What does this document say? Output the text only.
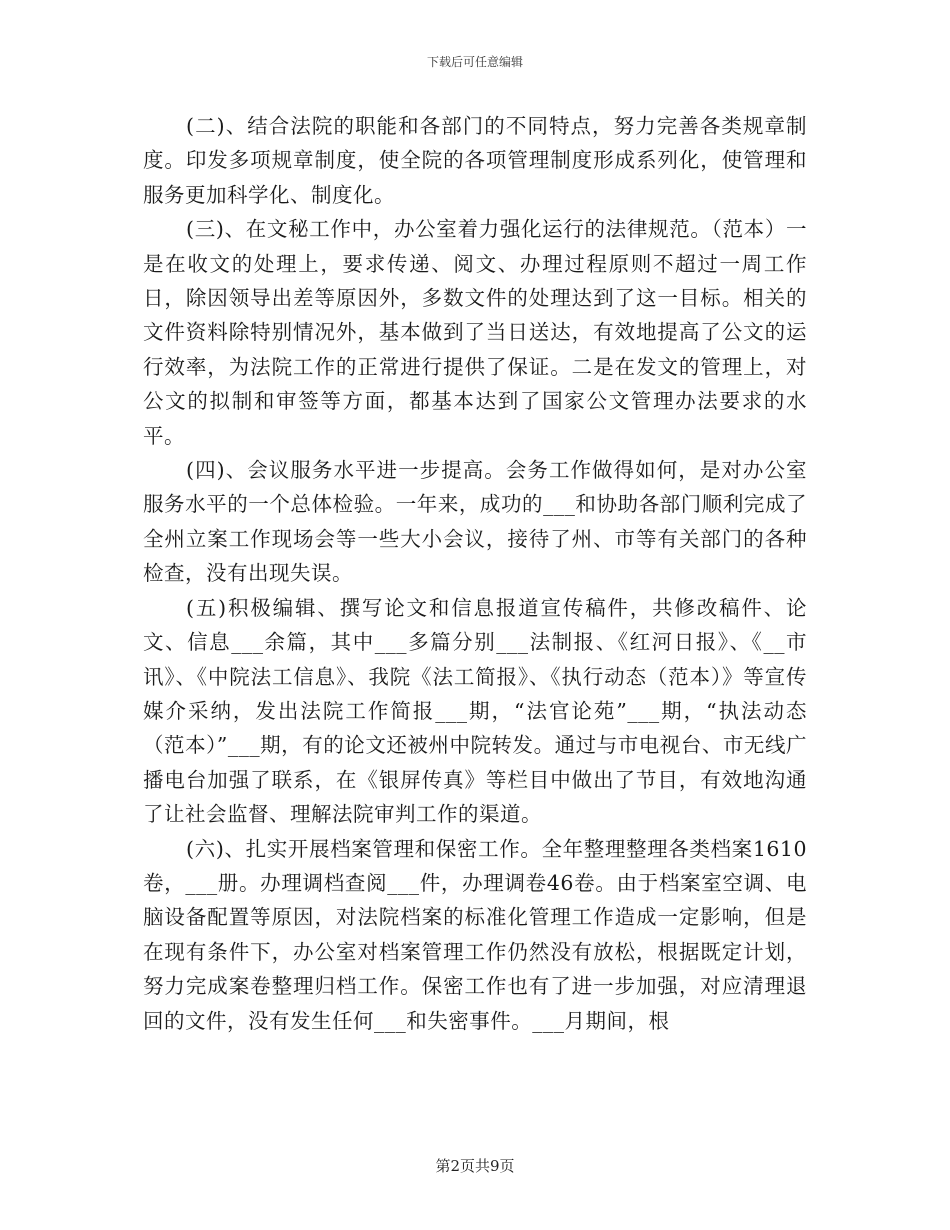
下载后可任意编辑

(二)、结合法院的职能和各部门的不同特点，努力完善各类规章制度。印发多项规章制度，使全院的各项管理制度形成系列化，使管理和服务更加科学化、制度化。

(三)、在文秘工作中，办公室着力强化运行的法律规范。（范本）一是在收文的处理上，要求传递、阅文、办理过程原则不超过一周工作日，除因领导出差等原因外，多数文件的处理达到了这一目标。相关的文件资料除特别情况外，基本做到了当日送达，有效地提高了公文的运行效率，为法院工作的正常进行提供了保证。二是在发文的管理上，对公文的拟制和审签等方面，都基本达到了国家公文管理办法要求的水平。

(四)、会议服务水平进一步提高。会务工作做得如何，是对办公室服务水平的一个总体检验。一年来，成功的___和协助各部门顺利完成了全州立案工作现场会等一些大小会议，接待了州、市等有关部门的各种检查，没有出现失误。

(五)积极编辑、撰写论文和信息报道宣传稿件，共修改稿件、论文、信息___余篇，其中___多篇分别___法制报、《红河日报》、《__市讯》、《中院法工信息》、我院《法工简报》、《执行动态（范本）》等宣传媒介采纳，发出法院工作简报___期，“法官论苑”___期，“执法动态（范本）”___期，有的论文还被州中院转发。通过与市电视台、市无线广播电台加强了联系，在《银屏传真》等栏目中做出了节目，有效地沟通了让社会监督、理解法院审判工作的渠道。

(六)、扎实开展档案管理和保密工作。全年整理整理各类档案1610卷，___册。办理调档查阅___件，办理调卷46卷。由于档案室空调、电脑设备配置等原因，对法院档案的标准化管理工作造成一定影响，但是在现有条件下，办公室对档案管理工作仍然没有放松，根据既定计划，努力完成案卷整理归档工作。保密工作也有了进一步加强，对应清理退回的文件，没有发生任何___和失密事件。___月期间，根

第2页共9页
